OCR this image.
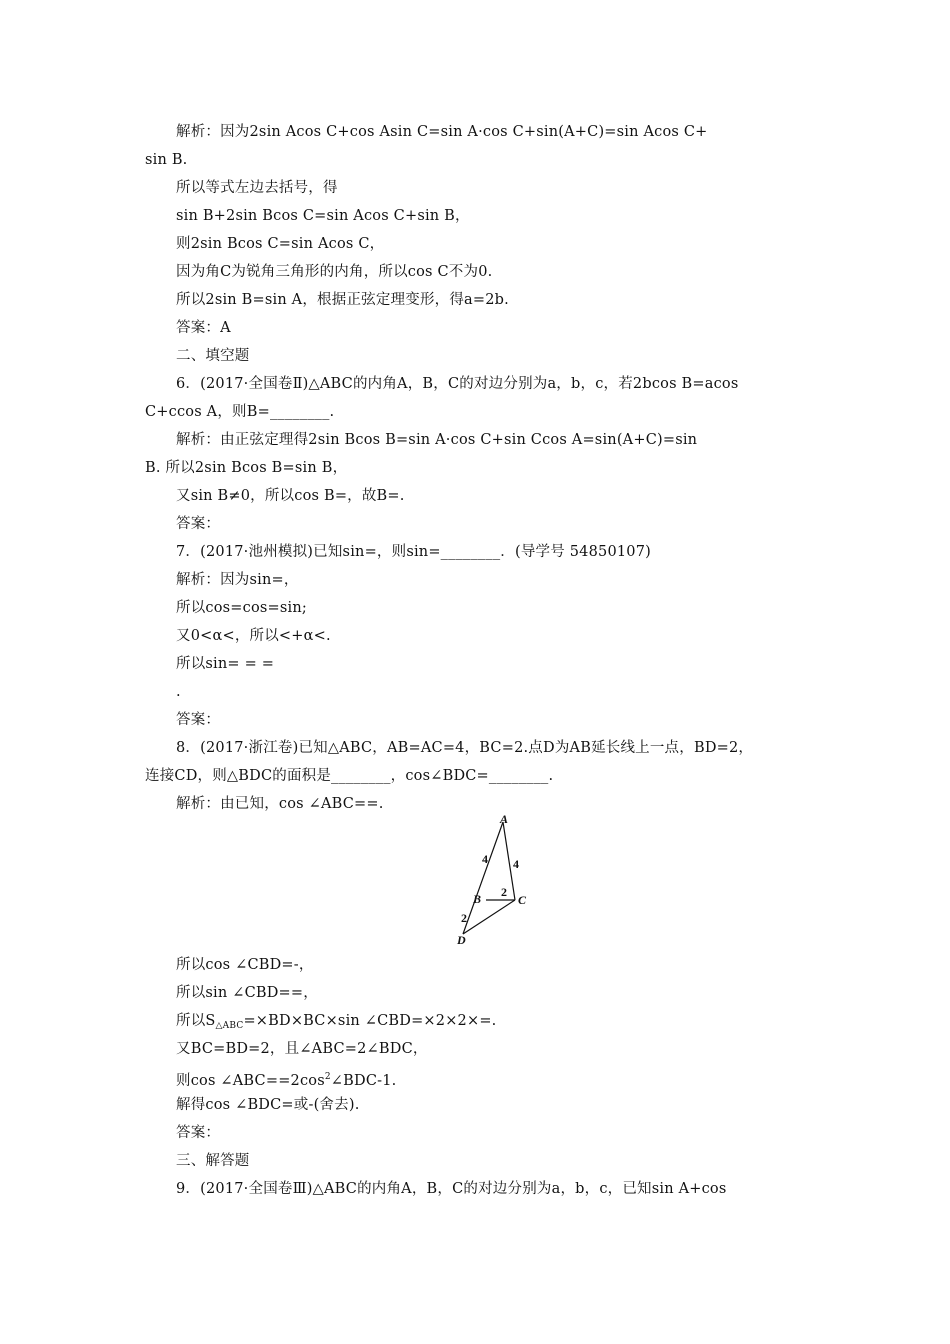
解析：因为2sin Acos C+cos Asin C=sin A·cos C+sin(A+C)=sin Acos C+
sin B.
所以等式左边去括号，得
sin B+2sin Bcos C=sin Acos C+sin B，
则2sin Bcos C=sin Acos C，
因为角C为锐角三角形的内角，所以cos C不为0.
所以2sin B=sin A，根据正弦定理变形，得a=2b.
答案：A
二、填空题
6．(2017·全国卷Ⅱ)△ABC的内角A，B，C的对边分别为a，b，c，若2bcos B=acos
C+ccos A，则B=________.
解析：由正弦定理得2sin Bcos B=sin A·cos C+sin Ccos A=sin(A+C)=sin
B. 所以2sin Bcos B=sin B，
又sin B≠0，所以cos B=，故B=.
答案：
7．(2017·池州模拟)已知sin=，则sin=________．(导学号 54850107)
解析：因为sin=，
所以cos=cos=sin;
又0<α<，所以<+α<.
所以sin= = =
.
答案：
8．(2017·浙江卷)已知△ABC，AB=AC=4，BC=2.点D为AB延长线上一点，BD=2，
连接CD，则△BDC的面积是________，cos∠BDC=________.
解析：由已知，cos ∠ABC==.
A
B	C
D
4 4
2
2
所以cos ∠CBD=-，
所以sin ∠CBD==，
所以$S_{\triangle ABC}=\times BD\times BC\times\sin$ ∠CBD=×2×2×=.
又BC=BD=2，且∠ABC=2∠BDC，
则$\cos \angle ABC==2\cos^2\angle BDC-1$.
解得cos ∠BDC=或-(舍去).
答案：
三、解答题
9．(2017·全国卷Ⅲ)△ABC的内角A，B，C的对边分别为a，b，c，已知sin A+cos
